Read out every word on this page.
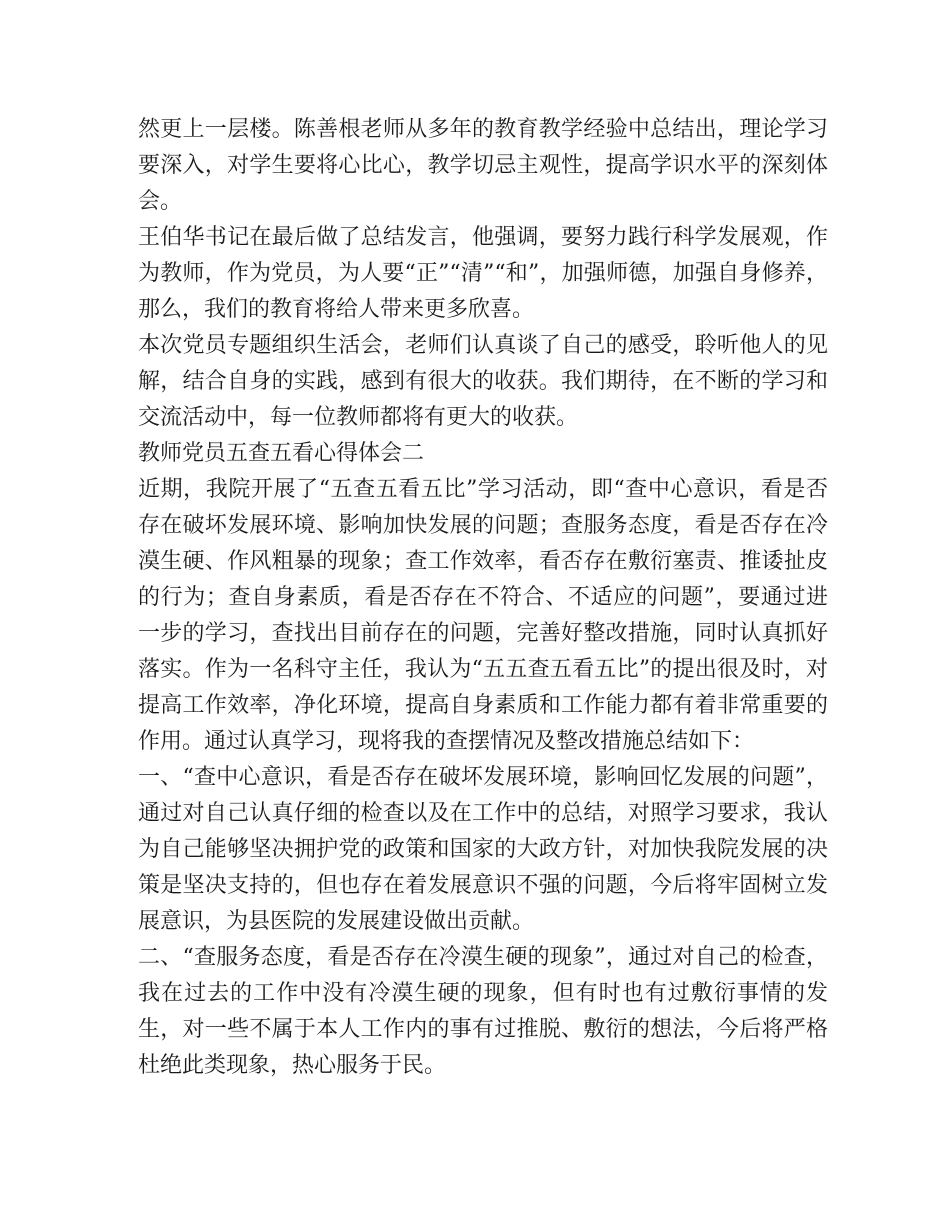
然更上一层楼。陈善根老师从多年的教育教学经验中总结出，理论学习要深入，对学生要将心比心，教学切忌主观性，提高学识水平的深刻体会。

王伯华书记在最后做了总结发言，他强调，要努力践行科学发展观，作为教师，作为党员，为人要“正”“清”“和”，加强师德，加强自身修养，那么，我们的教育将给人带来更多欣喜。

本次党员专题组织生活会，老师们认真谈了自己的感受，聆听他人的见解，结合自身的实践，感到有很大的收获。我们期待，在不断的学习和交流活动中，每一位教师都将有更大的收获。

教师党员五查五看心得体会二

近期，我院开展了“五查五看五比”学习活动，即“查中心意识，看是否存在破坏发展环境、影响加快发展的问题；查服务态度，看是否存在冷漠生硬、作风粗暴的现象；查工作效率，看否存在敷衍塞责、推诿扯皮的行为；查自身素质，看是否存在不符合、不适应的问题”，要通过进一步的学习，查找出目前存在的问题，完善好整改措施，同时认真抓好落实。作为一名科守主任，我认为“五五查五看五比”的提出很及时，对提高工作效率，净化环境，提高自身素质和工作能力都有着非常重要的作用。通过认真学习，现将我的查摆情况及整改措施总结如下：

一、“查中心意识，看是否存在破坏发展环境，影响回忆发展的问题”，通过对自己认真仔细的检查以及在工作中的总结，对照学习要求，我认为自己能够坚决拥护党的政策和国家的大政方针，对加快我院发展的决策是坚决支持的，但也存在着发展意识不强的问题，今后将牢固树立发展意识，为县医院的发展建设做出贡献。

二、“查服务态度，看是否存在冷漠生硬的现象”，通过对自己的检查，我在过去的工作中没有冷漠生硬的现象，但有时也有过敷衍事情的发生，对一些不属于本人工作内的事有过推脱、敷衍的想法，今后将严格杜绝此类现象，热心服务于民。
